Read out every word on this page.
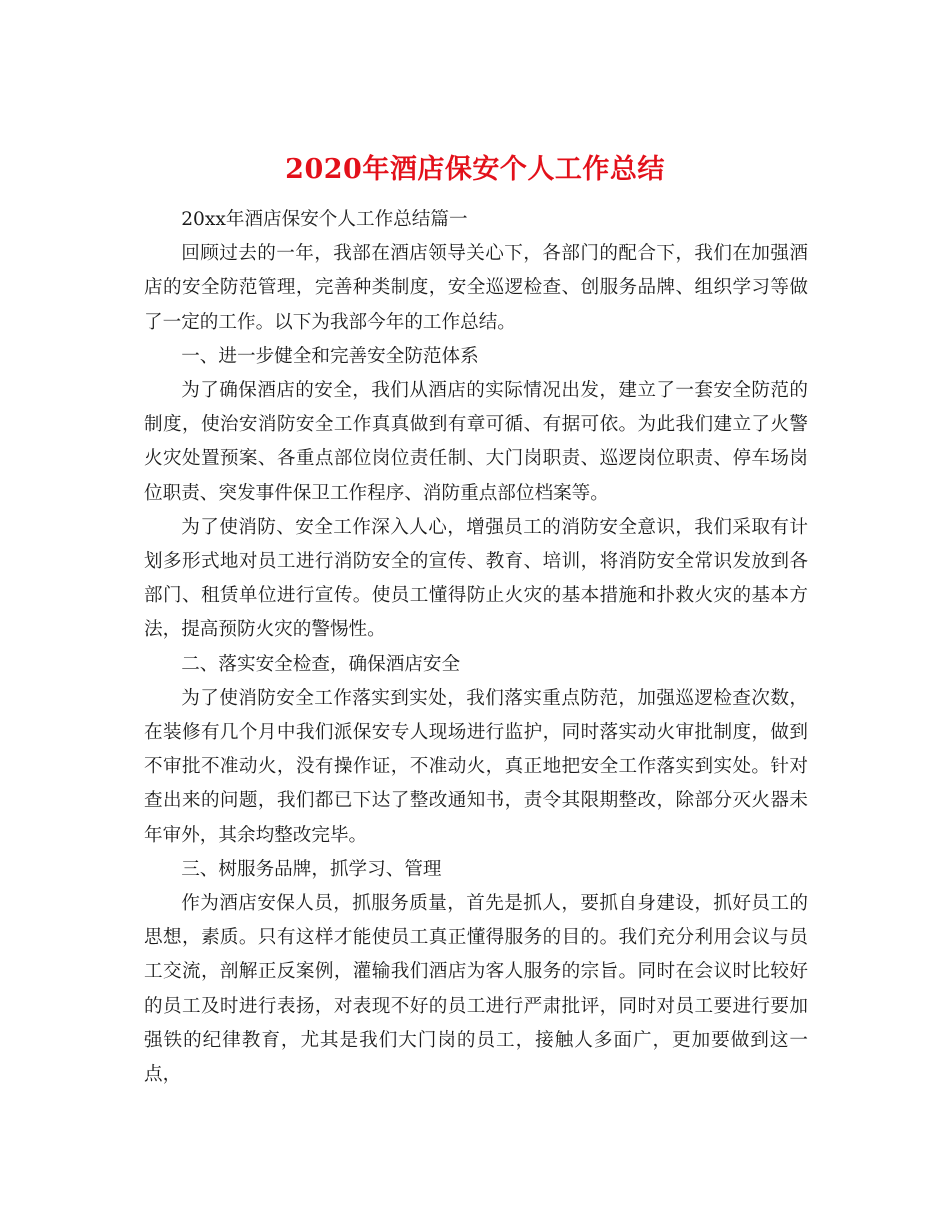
2020年酒店保安个人工作总结

20xx年酒店保安个人工作总结篇一

回顾过去的一年，我部在酒店领导关心下，各部门的配合下，我们在加强酒店的安全防范管理，完善种类制度，安全巡逻检查、创服务品牌、组织学习等做了一定的工作。以下为我部今年的工作总结。

一、进一步健全和完善安全防范体系

为了确保酒店的安全，我们从酒店的实际情况出发，建立了一套安全防范的制度，使治安消防安全工作真真做到有章可循、有据可依。为此我们建立了火警火灾处置预案、各重点部位岗位责任制、大门岗职责、巡逻岗位职责、停车场岗位职责、突发事件保卫工作程序、消防重点部位档案等。

为了使消防、安全工作深入人心，增强员工的消防安全意识，我们采取有计划多形式地对员工进行消防安全的宣传、教育、培训，将消防安全常识发放到各部门、租赁单位进行宣传。使员工懂得防止火灾的基本措施和扑救火灾的基本方法，提高预防火灾的警惕性。

二、落实安全检查，确保酒店安全

为了使消防安全工作落实到实处，我们落实重点防范，加强巡逻检查次数，在装修有几个月中我们派保安专人现场进行监护，同时落实动火审批制度，做到不审批不准动火，没有操作证，不准动火，真正地把安全工作落实到实处。针对查出来的问题，我们都已下达了整改通知书，责令其限期整改，除部分灭火器未年审外，其余均整改完毕。

三、树服务品牌，抓学习、管理

作为酒店安保人员，抓服务质量，首先是抓人，要抓自身建设，抓好员工的思想，素质。只有这样才能使员工真正懂得服务的目的。我们充分利用会议与员工交流，剖解正反案例，灌输我们酒店为客人服务的宗旨。同时在会议时比较好的员工及时进行表扬，对表现不好的员工进行严肃批评，同时对员工要进行要加强铁的纪律教育，尤其是我们大门岗的员工，接触人多面广，更加要做到这一点，
